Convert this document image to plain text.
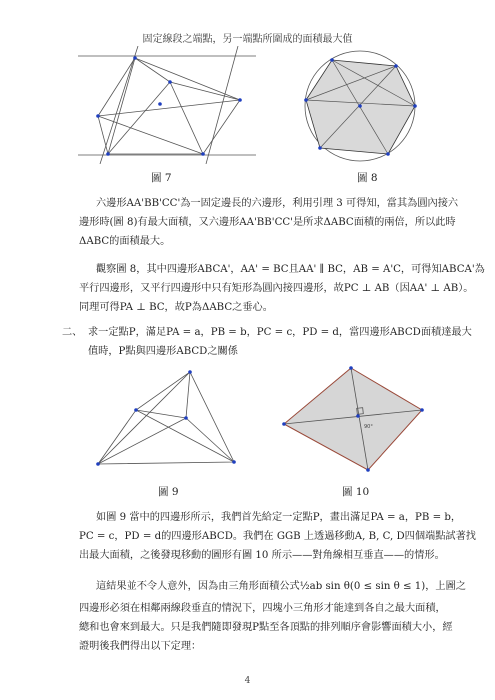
固定線段之端點，另一端點所圍成的面積最大值
圖 7	圖 8
六邊形AA'BB'CC'為一固定邊長的六邊形，利用引理 3 可得知，當其為圓內接六
邊形時(圖 8)有最大面積，又六邊形AA'BB'CC'是所求ΔABC面積的兩倍，所以此時
ΔABC的面積最大。
觀察圖 8，其中四邊形ABCA'，AA' = BC且AA' ∥ BC，AB = A'C，可得知ABCA'為
平行四邊形，又平行四邊形中只有矩形為圓內接四邊形，故PC ⊥ AB（因AA' ⊥ AB）。
同理可得PA ⊥ BC，故P為ΔABC之垂心。
二、 求一定點P，滿足PA = a，PB = b，PC = c，PD = d，當四邊形ABCD面積達最大
值時，P點與四邊形ABCD之關係
圖 9
90°
圖 10
如圖 9 當中的四邊形所示，我們首先給定一定點P，畫出滿足PA = a，PB = b，
PC = c，PD = d的四邊形ABCD。我們在 GGB 上透過移動A, B, C, D四個端點試著找
出最大面積，之後發現移動的圖形有圖 10 所示——對角線相互垂直——的情形。
這結果並不令人意外，因為由三角形面積公式½ab sin θ(0 ≤ sin θ ≤ 1)，上圖之
四邊形必須在相鄰兩線段垂直的情況下，四塊小三角形才能達到各自之最大面積，
總和也會來到最大。只是我們隨即發現P點至各頂點的排列順序會影響面積大小，經
證明後我們得出以下定理：
4
